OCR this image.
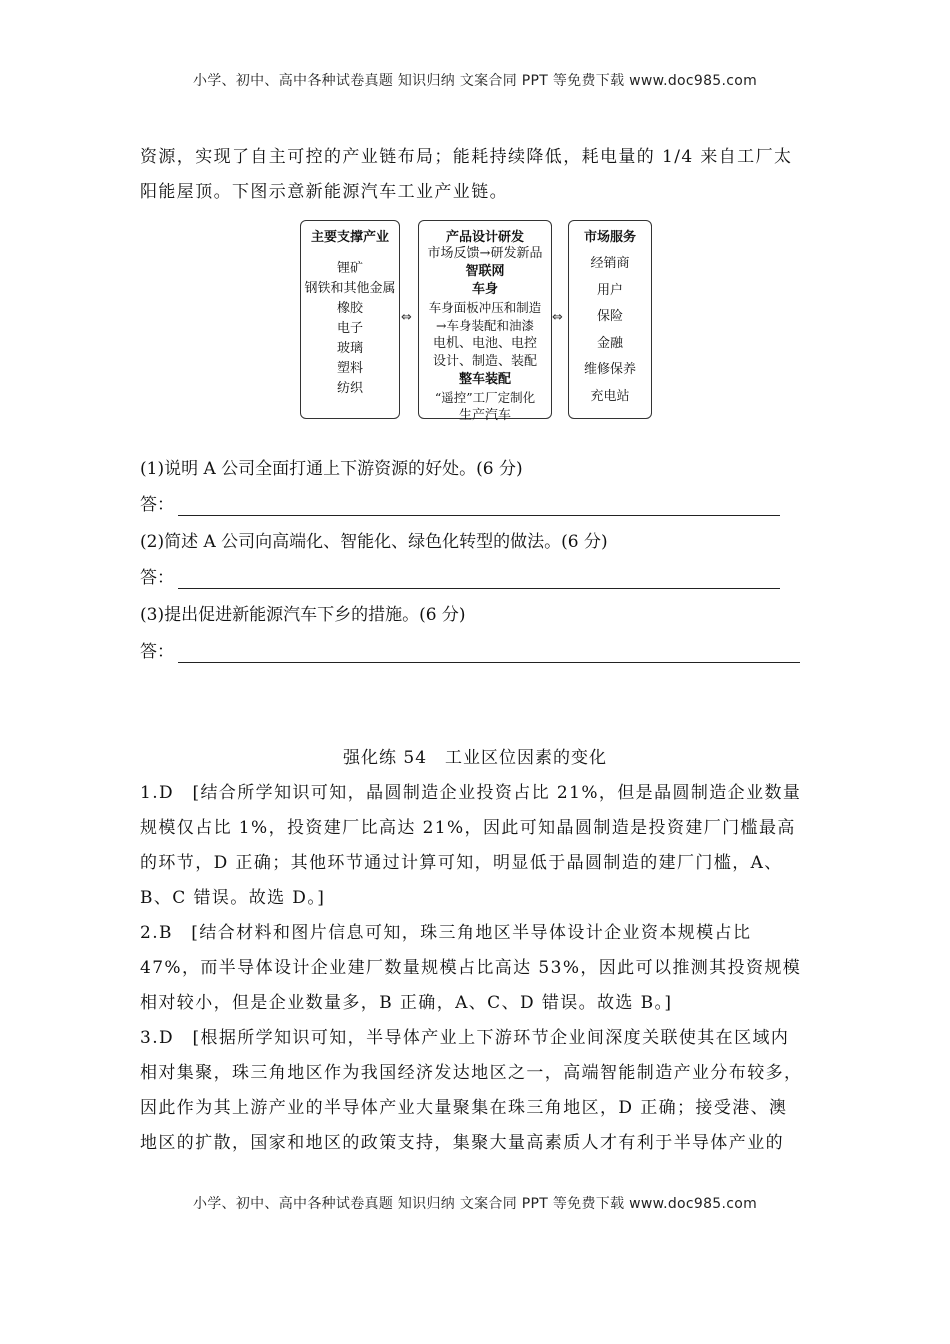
小学、初中、高中各种试卷真题 知识归纳 文案合同 PPT 等免费下载 www.doc985.com
资源，实现了自主可控的产业链布局；能耗持续降低，耗电量的 1/4 来自工厂太
阳能屋顶。下图示意新能源汽车工业产业链。
主要支撑产业
锂矿
钢铁和其他金属
橡胶
电子
玻璃
塑料
纺织
⇔
产品设计研发
市场反馈→研发新品
智联网
车身
车身面板冲压和制造
→车身装配和油漆
电机、电池、电控
设计、制造、装配
整车装配
“遥控”工厂定制化
生产汽车
⇔
市场服务
经销商
用户
保险
金融
维修保养
充电站
(1)说明 A 公司全面打通上下游资源的好处。(6 分)
答：
(2)简述 A 公司向高端化、智能化、绿色化转型的做法。(6 分)
答：
(3)提出促进新能源汽车下乡的措施。(6 分)
答：
强化练 54　工业区位因素的变化
1.D　[结合所学知识可知，晶圆制造企业投资占比 21%，但是晶圆制造企业数量
规模仅占比 1%，投资建厂比高达 21%，因此可知晶圆制造是投资建厂门槛最高
的环节，D 正确；其他环节通过计算可知，明显低于晶圆制造的建厂门槛，A、
B、C 错误。故选 D。]
2.B　[结合材料和图片信息可知，珠三角地区半导体设计企业资本规模占比
47%，而半导体设计企业建厂数量规模占比高达 53%，因此可以推测其投资规模
相对较小，但是企业数量多，B 正确，A、C、D 错误。故选 B。]
3.D　[根据所学知识可知，半导体产业上下游环节企业间深度关联使其在区域内
相对集聚，珠三角地区作为我国经济发达地区之一，高端智能制造产业分布较多，
因此作为其上游产业的半导体产业大量聚集在珠三角地区，D 正确；接受港、澳
地区的扩散，国家和地区的政策支持，集聚大量高素质人才有利于半导体产业的
小学、初中、高中各种试卷真题 知识归纳 文案合同 PPT 等免费下载 www.doc985.com
